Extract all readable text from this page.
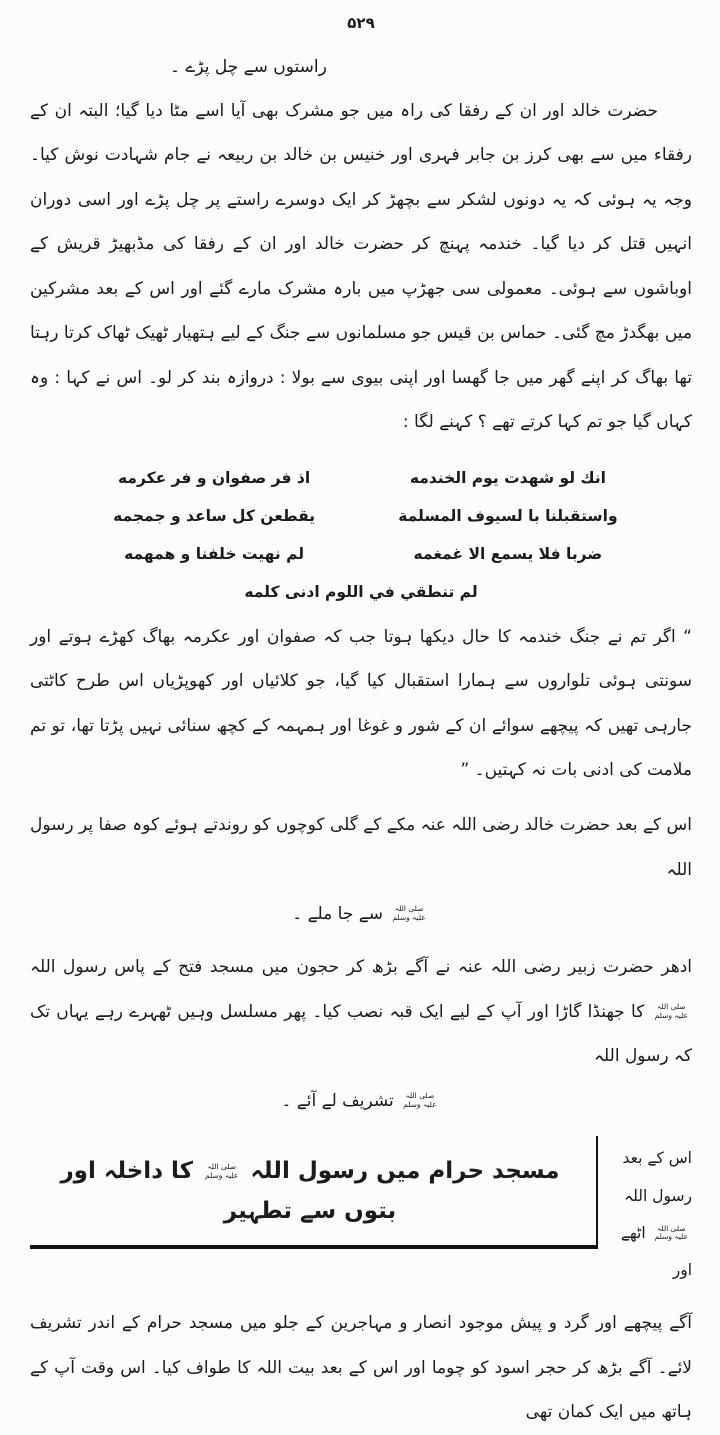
۵۲۹
راستوں سے چل پڑے ۔

حضرت خالد اور ان کے رفقا کی راہ میں جو مشرک بھی آیا اسے مٹا دیا گیا؛ البتہ ان کے رفقاء میں سے بھی کرز بن جابر فہری اور خنیس بن خالد بن ربیعہ نے جام شہادت نوش کیا۔ وجہ یہ ہوئی کہ یہ دونوں لشکر سے بچھڑ کر ایک دوسرے راستے پر چل پڑے اور اسی دوران انہیں قتل کر دیا گیا۔ خندمہ پہنچ کر حضرت خالد اور ان کے رفقا کی مڈبھیڑ قریش کے اوباشوں سے ہوئی۔ معمولی سی جھڑپ میں بارہ مشرک مارے گئے اور اس کے بعد مشرکین میں بھگدڑ مچ گئی۔ حماس بن قیس جو مسلمانوں سے جنگ کے لیے ہتھیار ٹھیک ٹھاک کرتا رہتا تھا بھاگ کر اپنے گھر میں جا گھسا اور اپنی بیوی سے بولا : دروازہ بند کر لو۔ اس نے کہا : وہ کہاں گیا جو تم کہا کرتے تھے ؟ کہنے لگا :

انك لو شهدت يوم الخندمه
اذ فر صفوان و فر عكرمه
واستقبلنا با لسيوف المسلمة
يقطعن كل ساعد و جمجمه
ضربا فلا يسمع الا غمغمه
لم نهيت خلفنا و همهمه
لم تنطقي في اللوم ادنى كلمه

“ اگر تم نے جنگ خندمہ کا حال دیکھا ہوتا جب کہ صفوان اور عکرمہ بھاگ کھڑے ہوتے اور سونتی ہوئی تلواروں سے ہمارا استقبال کیا گیا، جو کلائیاں اور کھوپڑیاں اس طرح کاٹتی جارہی تھیں کہ پیچھے سوائے ان کے شور و غوغا اور ہمہمہ کے کچھ سنائی نہیں پڑتا تھا، تو تم ملامت کی ادنی بات نہ کہتیں۔ ”

اس کے بعد حضرت خالد رضی اللہ عنہ مکے کے گلی کوچوں کو روندتے ہوئے کوہ صفا پر رسول اللہ

صلی اللہ
علیہ وسلم
سے جا ملے ۔

ادھر حضرت زبیر رضی اللہ عنہ نے آگے بڑھ کر حجون میں مسجد فتح کے پاس رسول اللہ
صلی اللہ
علیہ وسلم
کا جھنڈا گاڑا اور آپ کے لیے ایک قبہ نصب کیا۔ پھر مسلسل وہیں ٹھہرے رہے یہاں تک کہ رسول اللہ

صلی اللہ
علیہ وسلم
تشریف لے آئے ۔
مسجد حرام میں رسول اللہ
صلی اللہ
علیہ وسلم
کا داخلہ اور بتوں سے تطہیر
اس کے بعد رسول اللہ
صلی اللہ
علیہ وسلم
اٹھے اور

آگے پیچھے اور گرد و پیش موجود انصار و مہاجرین کے جلو میں مسجد حرام کے اندر تشریف لائے۔ آگے بڑھ کر حجر اسود کو چوما اور اس کے بعد بیت اللہ کا طواف کیا۔ اس وقت آپ کے ہاتھ میں ایک کمان تھی
